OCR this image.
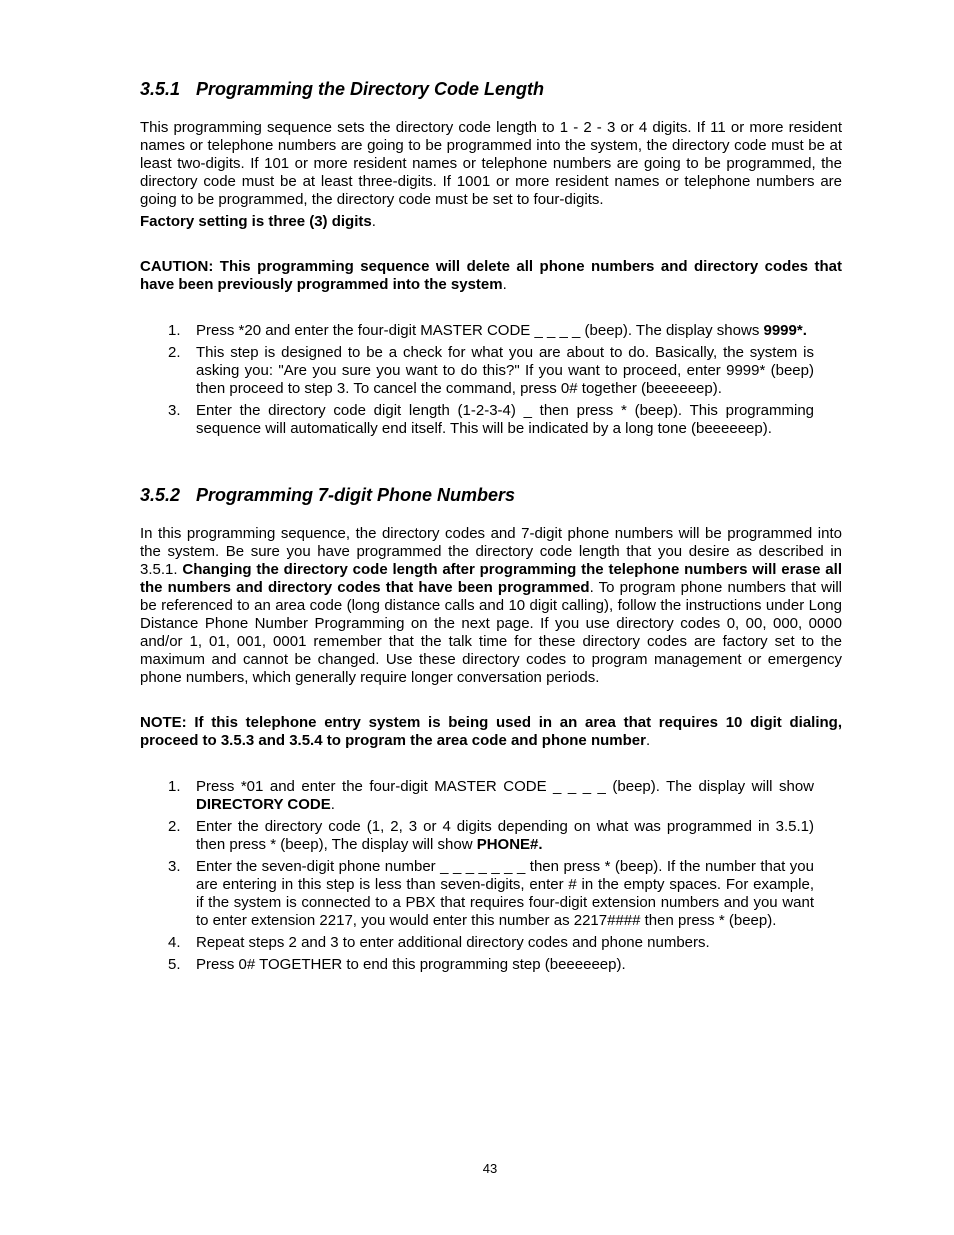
3.5.1 Programming the Directory Code Length

This programming sequence sets the directory code length to 1 - 2 - 3 or 4 digits. If 11 or more resident names or telephone numbers are going to be programmed into the system, the directory code must be at least two-digits. If 101 or more resident names or telephone numbers are going to be programmed, the directory code must be at least three-digits. If 1001 or more resident names or telephone numbers are going to be programmed, the directory code must be set to four-digits.

Factory setting is three (3) digits.

CAUTION: This programming sequence will delete all phone numbers and directory codes that have been previously programmed into the system.

1. Press *20 and enter the four-digit MASTER CODE _ _ _ _ (beep). The display shows 9999*.
2. This step is designed to be a check for what you are about to do. Basically, the system is asking you: "Are you sure you want to do this?" If you want to proceed, enter 9999* (beep) then proceed to step 3. To cancel the command, press 0# together (beeeeeep).
3. Enter the directory code digit length (1-2-3-4) _ then press * (beep). This programming sequence will automatically end itself. This will be indicated by a long tone (beeeeeep).
3.5.2 Programming 7-digit Phone Numbers

In this programming sequence, the directory codes and 7-digit phone numbers will be programmed into the system. Be sure you have programmed the directory code length that you desire as described in 3.5.1. Changing the directory code length after programming the telephone numbers will erase all the numbers and directory codes that have been programmed. To program phone numbers that will be referenced to an area code (long distance calls and 10 digit calling), follow the instructions under Long Distance Phone Number Programming on the next page. If you use directory codes 0, 00, 000, 0000 and/or 1, 01, 001, 0001 remember that the talk time for these directory codes are factory set to the maximum and cannot be changed. Use these directory codes to program management or emergency phone numbers, which generally require longer conversation periods.

NOTE: If this telephone entry system is being used in an area that requires 10 digit dialing, proceed to 3.5.3 and 3.5.4 to program the area code and phone number.

1. Press *01 and enter the four-digit MASTER CODE _ _ _ _ (beep). The display will show DIRECTORY CODE.
2. Enter the directory code (1, 2, 3 or 4 digits depending on what was programmed in 3.5.1) then press * (beep), The display will show PHONE#.
3. Enter the seven-digit phone number _ _ _ _ _ _ _ then press * (beep). If the number that you are entering in this step is less than seven-digits, enter # in the empty spaces. For example, if the system is connected to a PBX that requires four-digit extension numbers and you want to enter extension 2217, you would enter this number as 2217#### then press * (beep).
4. Repeat steps 2 and 3 to enter additional directory codes and phone numbers.
5. Press 0# TOGETHER to end this programming step (beeeeeep).
43
